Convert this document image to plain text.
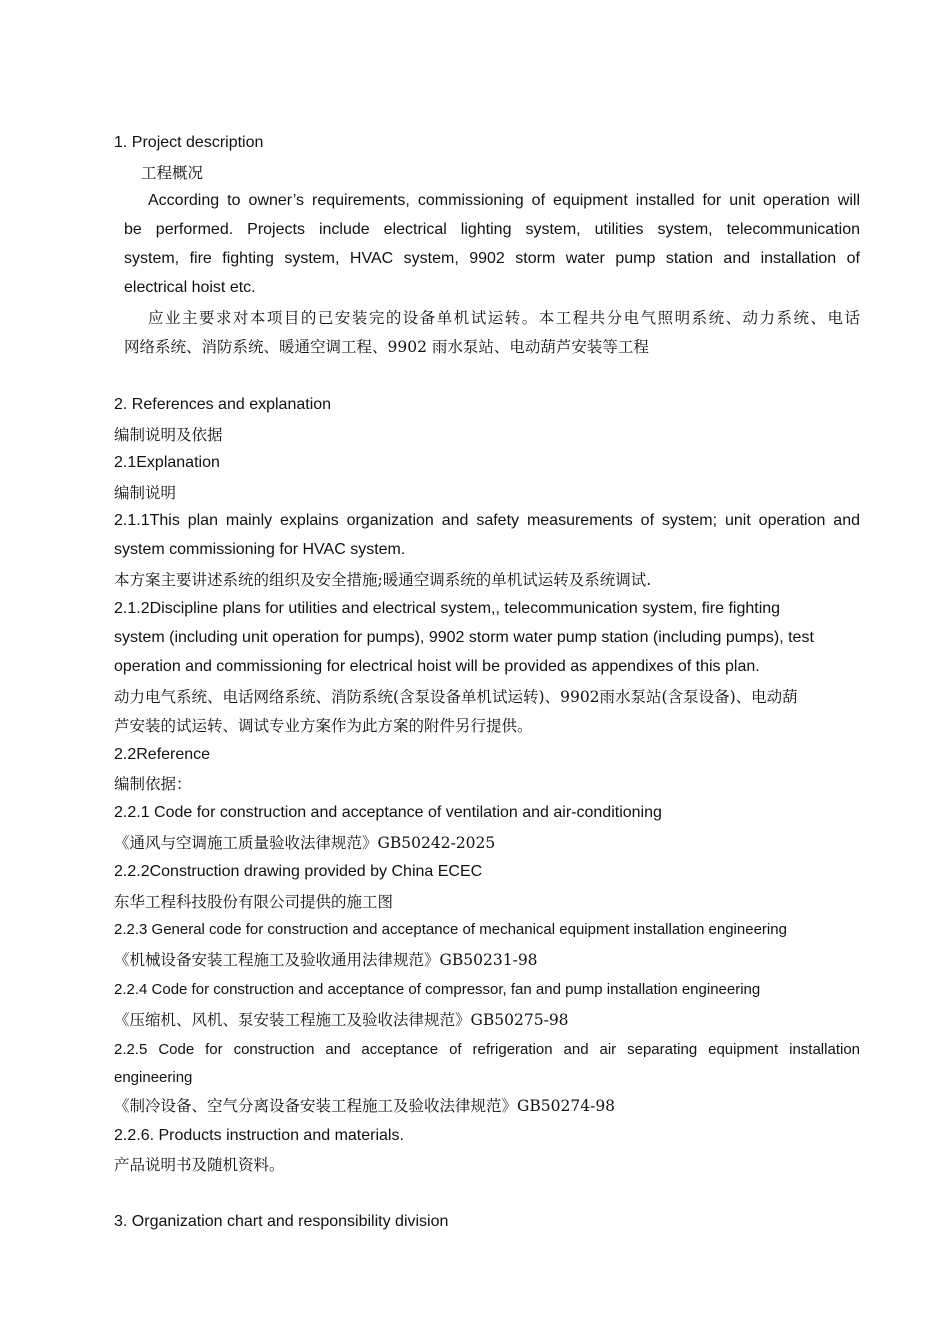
1. Project description

工程概况

According to owner’s requirements, commissioning of equipment installed for unit operation will

be performed. Projects include electrical lighting system, utilities system, telecommunication

system, fire fighting system, HVAC system, 9902 storm water pump station and installation of

electrical hoist etc.

应业主要求对本项目的已安装完的设备单机试运转。本工程共分电气照明系统、动力系统、电话

网络系统、消防系统、暖通空调工程、9902 雨水泵站、电动葫芦安装等工程

2. References and explanation

编制说明及依据

2.1Explanation

编制说明

2.1.1This plan mainly explains organization and safety measurements of system; unit operation and

system commissioning for HVAC system.

本方案主要讲述系统的组织及安全措施;暖通空调系统的单机试运转及系统调试.

2.1.2Discipline plans for utilities and electrical system,, telecommunication system, fire fighting

system (including unit operation for pumps), 9902 storm water pump station (including pumps), test

operation and commissioning for electrical hoist will be provided as appendixes of this plan.

动力电气系统、电话网络系统、消防系统(含泵设备单机试运转)、9902雨水泵站(含泵设备)、电动葫

芦安装的试运转、调试专业方案作为此方案的附件另行提供。

2.2Reference

编制依据：

2.2.1 Code for construction and acceptance of ventilation and air-conditioning

《通风与空调施工质量验收法律规范》GB50242-2025

2.2.2Construction drawing provided by China ECEC

东华工程科技股份有限公司提供的施工图

2.2.3 General code for construction and acceptance of mechanical equipment installation engineering

《机械设备安装工程施工及验收通用法律规范》GB50231-98

2.2.4 Code for construction and acceptance of compressor, fan and pump installation engineering

《压缩机、风机、泵安装工程施工及验收法律规范》GB50275-98

2.2.5 Code for construction and acceptance of refrigeration and air separating equipment installation

engineering

《制冷设备、空气分离设备安装工程施工及验收法律规范》GB50274-98

2.2.6. Products instruction and materials.

产品说明书及随机资料。

3. Organization chart and responsibility division
